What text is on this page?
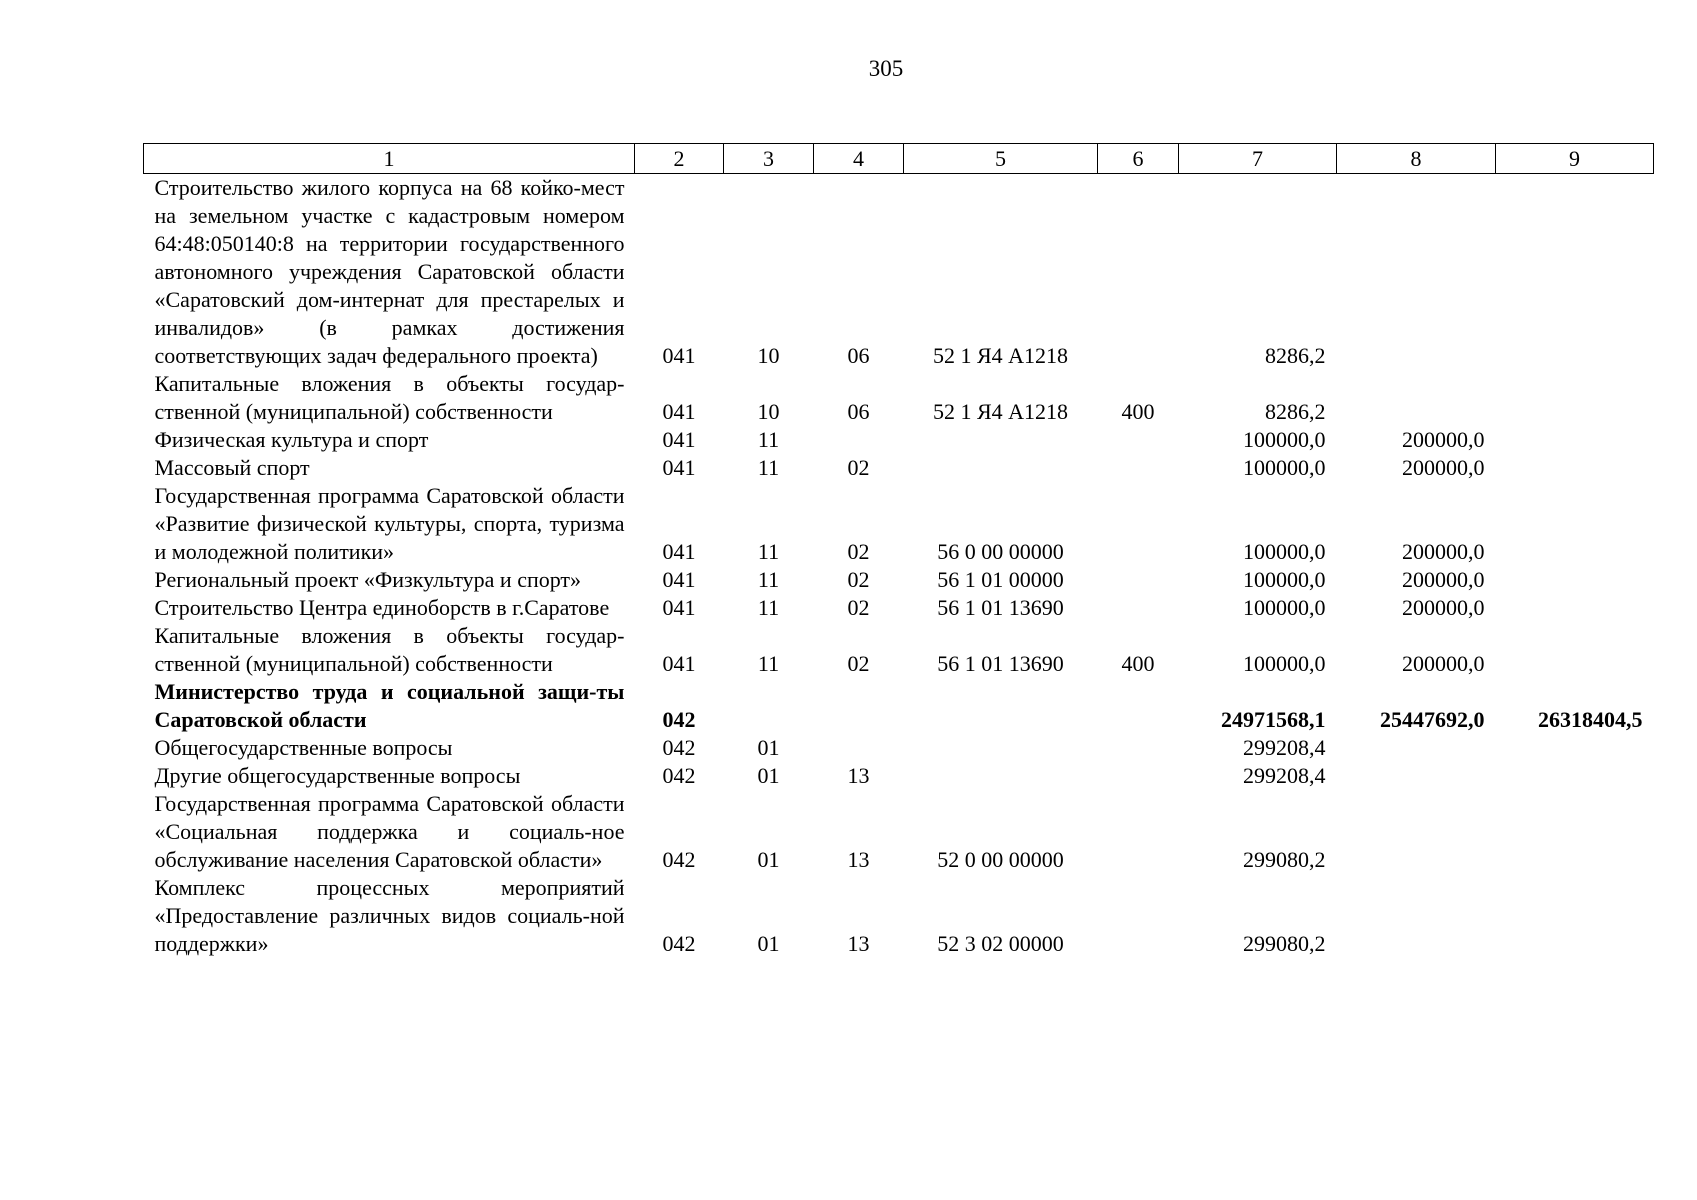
305
1	2	3	4	5	6	7	8	9
Строительство жилого корпуса на 68 койко-мест на земельном участке с кадастровым номером 64:48:050140:8 на территории государственного автономного учреждения Саратовской области «Саратовский дом-интернат для престарелых и инвалидов» (в рамках достижения соответствующих задач федерального проекта)	041	10	06	52 1 Я4 А1218		8286,2		
Капитальные вложения в объекты государ-ственной (муниципальной) собственности	041	10	06	52 1 Я4 А1218	400	8286,2		
Физическая культура и спорт	041	11				100000,0	200000,0	
Массовый спорт	041	11	02			100000,0	200000,0	
Государственная программа Саратовской области «Развитие физической культуры, спорта, туризма и молодежной политики»	041	11	02	56 0 00 00000		100000,0	200000,0	
Региональный проект «Физкультура и спорт»	041	11	02	56 1 01 00000		100000,0	200000,0	
Строительство Центра единоборств в г.Саратове	041	11	02	56 1 01 13690		100000,0	200000,0	
Капитальные вложения в объекты государ-ственной (муниципальной) собственности	041	11	02	56 1 01 13690	400	100000,0	200000,0	
Министерство труда и социальной защи-ты Саратовской области	042					24971568,1	25447692,0	26318404,5
Общегосударственные вопросы	042	01				299208,4		
Другие общегосударственные вопросы	042	01	13			299208,4		
Государственная программа Саратовской области «Социальная поддержка и социаль-ное обслуживание населения Саратовской области»	042	01	13	52 0 00 00000		299080,2		
Комплекс процессных мероприятий «Предоставление различных видов социаль-ной поддержки»	042	01	13	52 3 02 00000		299080,2		
